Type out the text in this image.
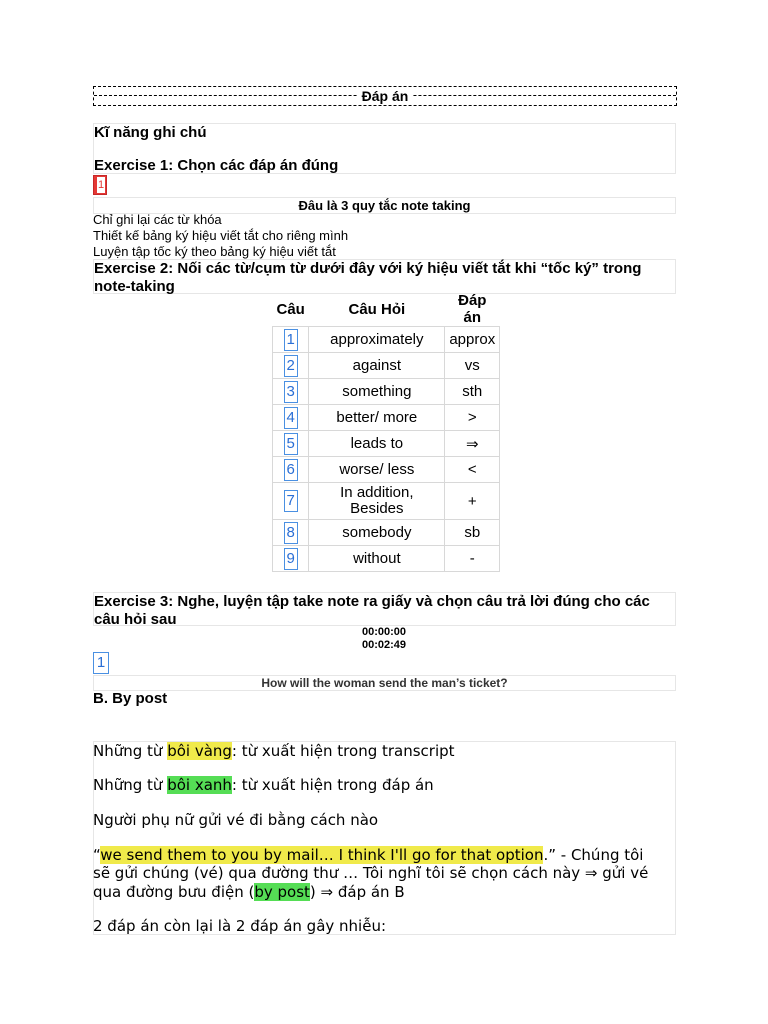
Đáp án
Kĩ năng ghi chú
Exercise 1: Chọn các đáp án đúng
1
Đâu là 3 quy tắc note taking
Chỉ ghi lại các từ khóa
Thiết kế bảng ký hiệu viết tắt cho riêng mình
Luyện tập tốc ký theo bảng ký hiệu viết tắt
Exercise 2: Nối các từ/cụm từ dưới đây với ký hiệu viết tắt khi “tốc ký” trong note-taking
Câu	Câu Hỏi	Đáp án
1	approximately	approx
2	against	vs
3	something	sth
4	better/ more	>
5	leads to	⇒
6	worse/ less	<
7	In addition, Besides	+
8	somebody	sb
9	without	-
Exercise 3: Nghe, luyện tập take note ra giấy và chọn câu trả lời đúng cho các câu hỏi sau
00:00:00
00:02:49
1
How will the woman send the man’s ticket?
B. By post
Những từ bôi vàng: từ xuất hiện trong transcript
Những từ bôi xanh: từ xuất hiện trong đáp án
Người phụ nữ gửi vé đi bằng cách nào
“we send them to you by mail… I think I'll go for that option.” - Chúng tôi
sẽ gửi chúng (vé) qua đường thư … Tôi nghĩ tôi sẽ chọn cách này ⇒ gửi vé
qua đường bưu điện (by post) ⇒ đáp án B
2 đáp án còn lại là 2 đáp án gây nhiễu:
